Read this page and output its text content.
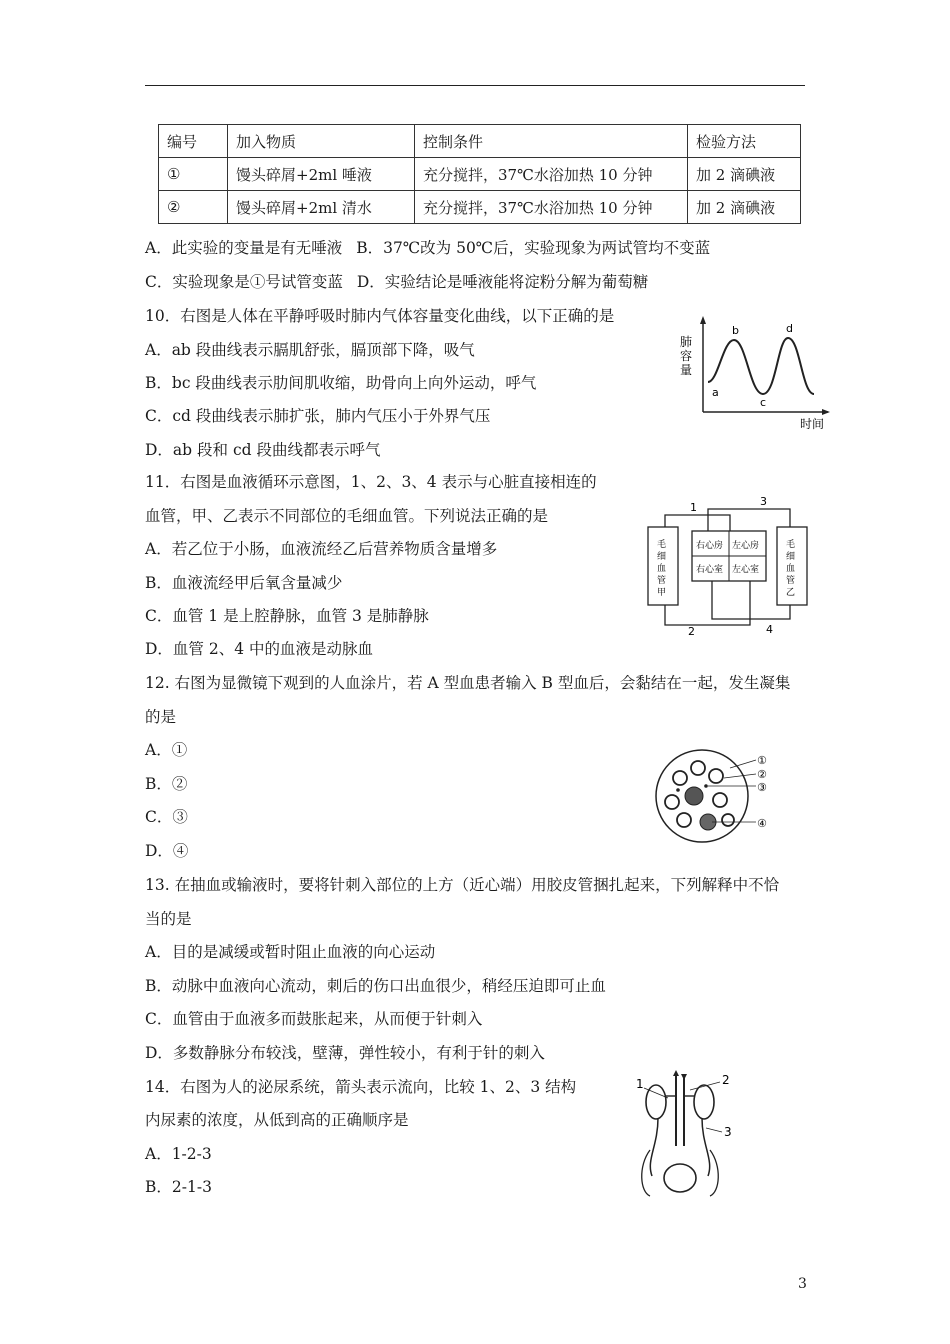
编号	加入物质	控制条件	检验方法
①	馒头碎屑+2ml 唾液	充分搅拌，37℃水浴加热 10 分钟	加 2 滴碘液
②	馒头碎屑+2ml 清水	充分搅拌，37℃水浴加热 10 分钟	加 2 滴碘液
A．此实验的变量是有无唾液 B．37℃改为 50℃后，实验现象为两试管均不变蓝
C．实验现象是①号试管变蓝 D．实验结论是唾液能将淀粉分解为葡萄糖
10．右图是人体在平静呼吸时肺内气体容量变化曲线，以下正确的是
A．ab 段曲线表示膈肌舒张，膈顶部下降，吸气
B．bc 段曲线表示肋间肌收缩，助骨向上向外运动，呼气
C．cd 段曲线表示肺扩张，肺内气压小于外界气压
D．ab 段和 cd 段曲线都表示呼气
肺
容
量
时间
a
b
c
d
11．右图是血液循环示意图，1、2、3、4 表示与心脏直接相连的
血管，甲、乙表示不同部位的毛细血管。下列说法正确的是
A．若乙位于小肠，血液流经乙后营养物质含量增多
B．血液流经甲后氧含量减少
C．血管 1 是上腔静脉，血管 3 是肺静脉
D．血管 2、4 中的血液是动脉血
1	3
毛
细
血
管
甲
毛
细
血
管
乙
右心房 左心房
右心室 左心室
2	4
12. 右图为显微镜下观到的人血涂片，若 A 型血患者输入 B 型血后，会黏结在一起，发生凝集
的是
A．①
B．②
C．③
D．④
①
②
③
④
13. 在抽血或输液时，要将针刺入部位的上方（近心端）用胶皮管捆扎起来，下列解释中不恰
当的是
A．目的是减缓或暂时阻止血液的向心运动
B．动脉中血液向心流动，刺后的伤口出血很少，稍经压迫即可止血
C．血管由于血液多而鼓胀起来，从而便于针刺入
D．多数静脉分布较浅，壁薄，弹性较小，有利于针的刺入
14．右图为人的泌尿系统，箭头表示流向，比较 1、2、3 结构
内尿素的浓度，从低到高的正确顺序是
A．1-2-3
B．2-1-3
1	2
3
3
